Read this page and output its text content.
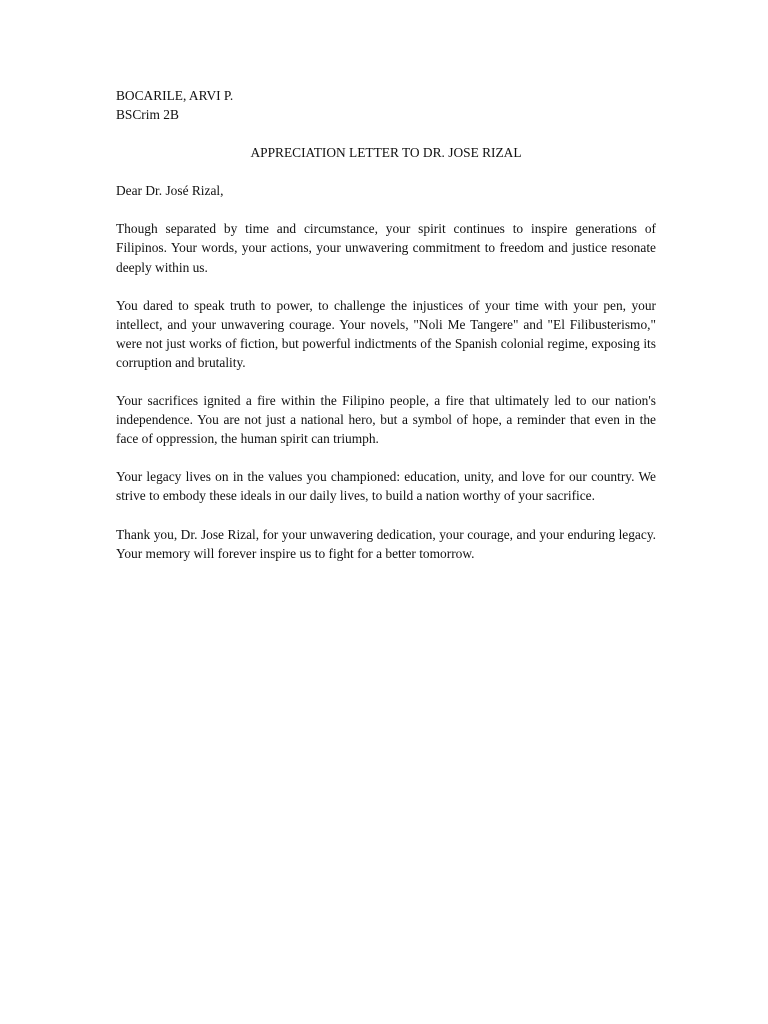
BOCARILE, ARVI P.

BSCrim 2B

APPRECIATION LETTER TO DR. JOSE RIZAL

Dear Dr. José Rizal,

Though separated by time and circumstance, your spirit continues to inspire generations of Filipinos. Your words, your actions, your unwavering commitment to freedom and justice resonate deeply within us.

You dared to speak truth to power, to challenge the injustices of your time with your pen, your intellect, and your unwavering courage. Your novels, "Noli Me Tangere" and "El Filibusterismo," were not just works of fiction, but powerful indictments of the Spanish colonial regime, exposing its corruption and brutality.

Your sacrifices ignited a fire within the Filipino people, a fire that ultimately led to our nation's independence. You are not just a national hero, but a symbol of hope, a reminder that even in the face of oppression, the human spirit can triumph.

Your legacy lives on in the values you championed: education, unity, and love for our country. We strive to embody these ideals in our daily lives, to build a nation worthy of your sacrifice.

Thank you, Dr. Jose Rizal, for your unwavering dedication, your courage, and your enduring legacy. Your memory will forever inspire us to fight for a better tomorrow.
